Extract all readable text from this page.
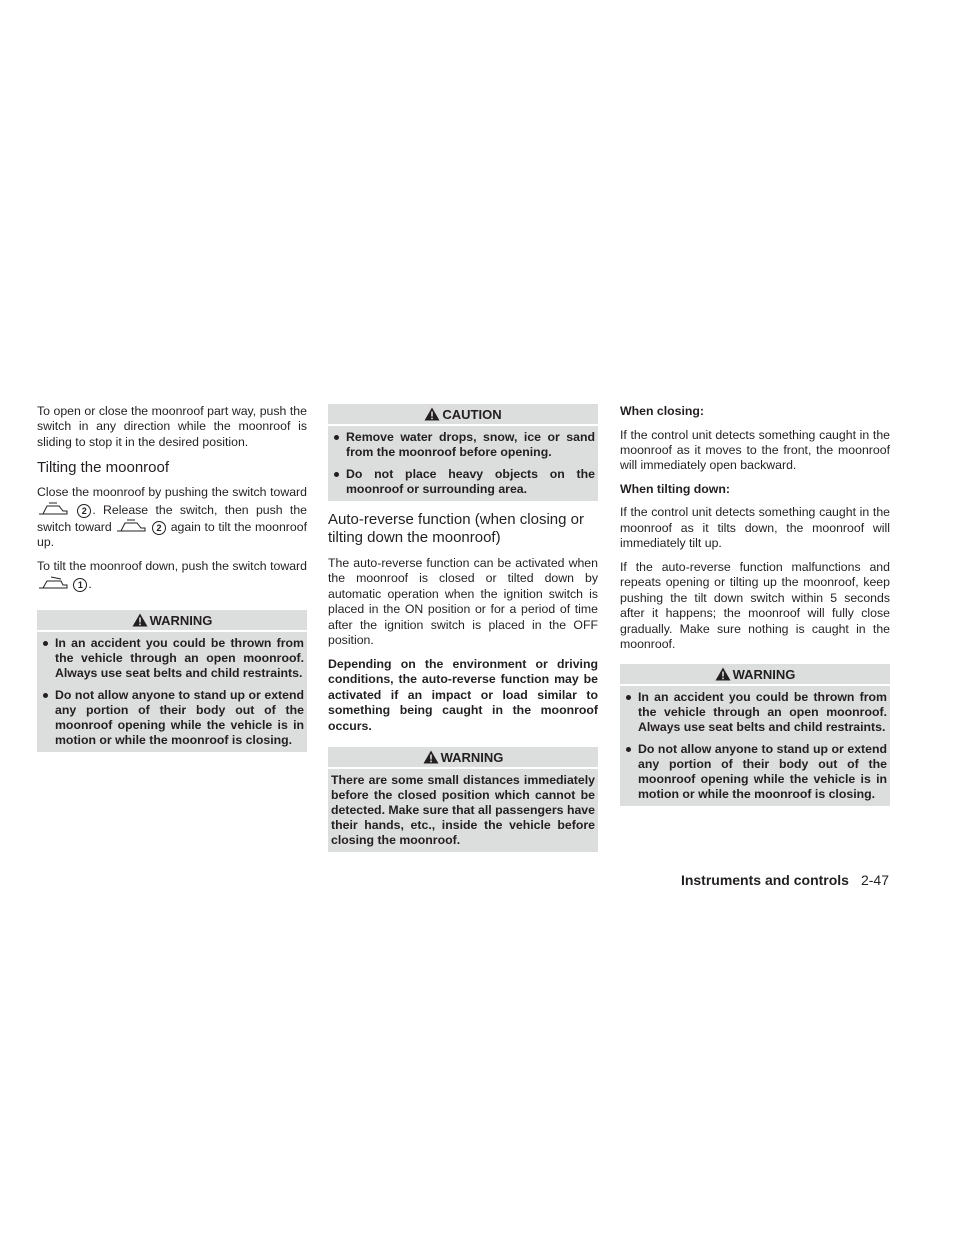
To open or close the moonroof part way, push the switch in any direction while the moonroof is sliding to stop it in the desired position.

Tilting the moonroof

Close the moonroof by pushing the switch toward  2 . Release the switch, then push the switch toward	2 again to tilt the moonroof up.

To tilt the moonroof down, push the switch toward  1 .

WARNING
In an accident you could be thrown from the vehicle through an open moonroof. Always use seat belts and child restraints.
Do not allow anyone to stand up or extend any portion of their body out of the moonroof opening while the vehicle is in motion or while the moonroof is closing.
CAUTION
Remove water drops, snow, ice or sand from the moonroof before opening.
Do not place heavy objects on the moonroof or surrounding area.
Auto-reverse function (when closing or tilting down the moonroof)

The auto-reverse function can be activated when the moonroof is closed or tilted down by automatic operation when the ignition switch is placed in the ON position or for a period of time after the ignition switch is placed in the OFF position.

Depending on the environment or driving conditions, the auto-reverse function may be activated if an impact or load similar to something being caught in the moonroof occurs.

WARNING
There are some small distances immediately before the closed position which cannot be detected. Make sure that all passengers have their hands, etc., inside the vehicle before closing the moonroof.
When closing:

If the control unit detects something caught in the moonroof as it moves to the front, the moonroof will immediately open backward.

When tilting down:

If the control unit detects something caught in the moonroof as it tilts down, the moonroof will immediately tilt up.

If the auto-reverse function malfunctions and repeats opening or tilting up the moonroof, keep pushing the tilt down switch within 5 seconds after it happens; the moonroof will fully close gradually. Make sure nothing is caught in the moonroof.

WARNING
In an accident you could be thrown from the vehicle through an open moonroof. Always use seat belts and child restraints.
Do not allow anyone to stand up or extend any portion of their body out of the moonroof opening while the vehicle is in motion or while the moonroof is closing.
Instruments and controls 2-47
